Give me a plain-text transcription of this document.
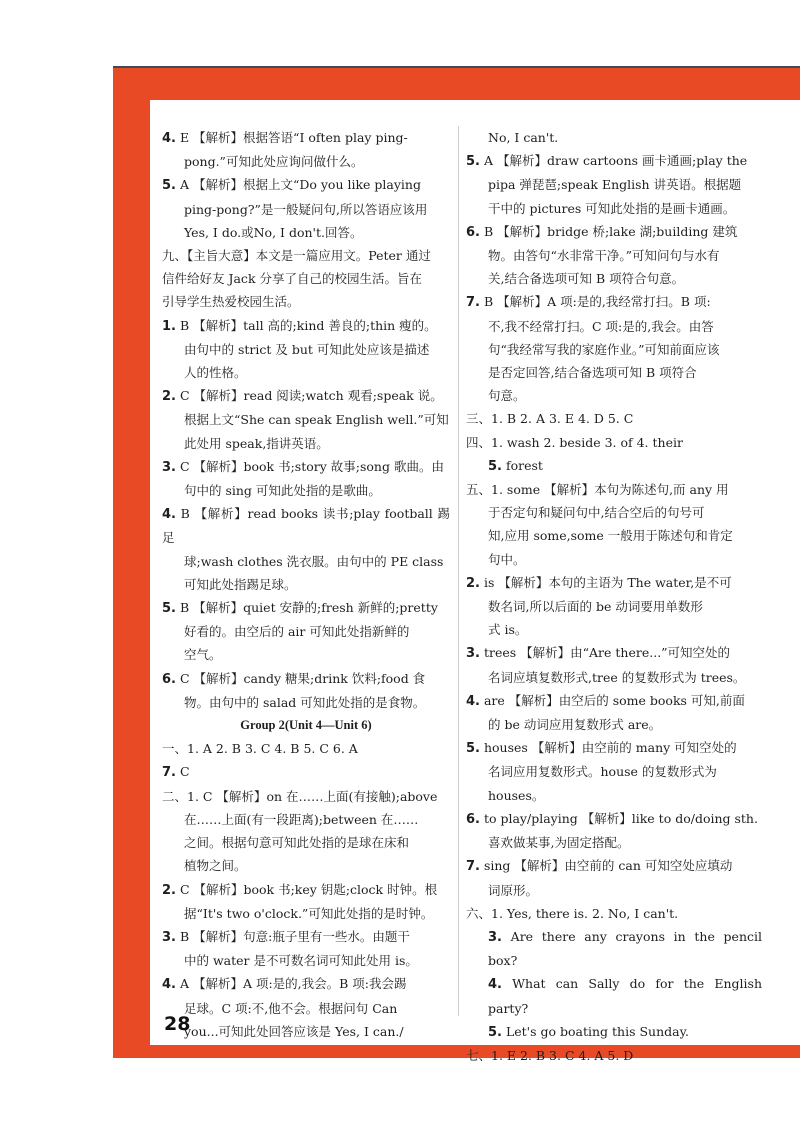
4. E 【解析】根据答语“I often play ping-
pong.”可知此处应询问做什么。
5. A 【解析】根据上文“Do you like playing
ping-pong?”是一般疑问句,所以答语应该用
Yes, I do.或No, I don't.回答。
九、【主旨大意】本文是一篇应用文。Peter 通过
信件给好友 Jack 分享了自己的校园生活。旨在
引导学生热爱校园生活。
1. B 【解析】tall 高的;kind 善良的;thin 瘦的。
由句中的 strict 及 but 可知此处应该是描述
人的性格。
2. C 【解析】read 阅读;watch 观看;speak 说。
根据上文“She can speak English well.”可知
此处用 speak,指讲英语。
3. C 【解析】book 书;story 故事;song 歌曲。由
句中的 sing 可知此处指的是歌曲。
4. B 【解析】read books 读书;play football 踢足
球;wash clothes 洗衣服。由句中的 PE class
可知此处指踢足球。
5. B 【解析】quiet 安静的;fresh 新鲜的;pretty
好看的。由空后的 air 可知此处指新鲜的
空气。
6. C 【解析】candy 糖果;drink 饮料;food 食
物。由句中的 salad 可知此处指的是食物。
Group 2(Unit 4—Unit 6)
一、1. A 2. B 3. C 4. B 5. C 6. A
7. C
二、1. C 【解析】on 在……上面(有接触);above
在……上面(有一段距离);between 在……
之间。根据句意可知此处指的是球在床和
植物之间。
2. C 【解析】book 书;key 钥匙;clock 时钟。根
据“It's two o'clock.”可知此处指的是时钟。
3. B 【解析】句意:瓶子里有一些水。由题干
中的 water 是不可数名词可知此处用 is。
4. A 【解析】A 项:是的,我会。B 项:我会踢
足球。C 项:不,他不会。根据问句 Can
you...可知此处回答应该是 Yes, I can./
No, I can't.
5. A 【解析】draw cartoons 画卡通画;play the
pipa 弹琵琶;speak English 讲英语。根据题
干中的 pictures 可知此处指的是画卡通画。
6. B 【解析】bridge 桥;lake 湖;building 建筑
物。由答句“水非常干净。”可知问句与水有
关,结合备选项可知 B 项符合句意。
7. B 【解析】A 项:是的,我经常打扫。B 项:
不,我不经常打扫。C 项:是的,我会。由答
句“我经常写我的家庭作业。”可知前面应该
是否定回答,结合备选项可知 B 项符合
句意。
三、1. B 2. A 3. E 4. D 5. C
四、1. wash 2. beside 3. of 4. their
5. forest
五、1. some 【解析】本句为陈述句,而 any 用
于否定句和疑问句中,结合空后的句号可
知,应用 some,some 一般用于陈述句和肯定
句中。
2. is 【解析】本句的主语为 The water,是不可
数名词,所以后面的 be 动词要用单数形
式 is。
3. trees 【解析】由“Are there...”可知空处的
名词应填复数形式,tree 的复数形式为 trees。
4. are 【解析】由空后的 some books 可知,前面
的 be 动词应用复数形式 are。
5. houses 【解析】由空前的 many 可知空处的
名词应用复数形式。house 的复数形式为
houses。
6. to play/playing 【解析】like to do/doing sth.
喜欢做某事,为固定搭配。
7. sing 【解析】由空前的 can 可知空处应填动
词原形。
六、1. Yes, there is. 2. No, I can't.
3. Are there any crayons in the pencil box?
4. What can Sally do for the English party?
5. Let's go boating this Sunday.
七、1. E 2. B 3. C 4. A 5. D
28
